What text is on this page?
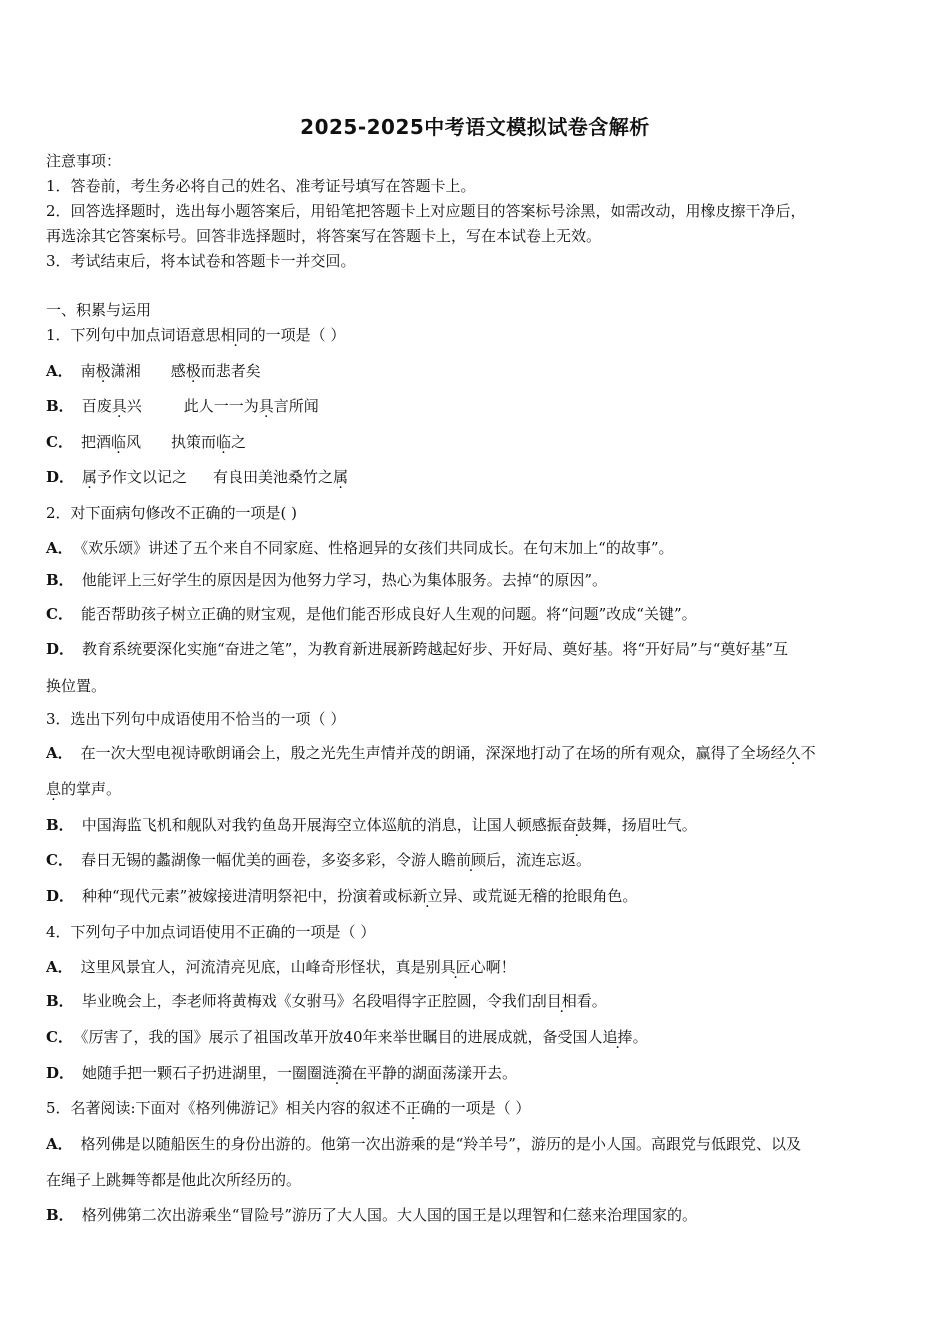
2025-2025中考语文模拟试卷含解析
注意事项：
1．答卷前，考生务必将自己的姓名、准考证号填写在答题卡上。
2．回答选择题时，选出每小题答案后，用铅笔把答题卡上对应题目的答案标号涂黑，如需改动，用橡皮擦干净后，
再选涂其它答案标号。回答非选择题时，将答案写在答题卡上，写在本试卷上无效。
3．考试结束后，将本试卷和答题卡一并交回。
一、积累与运用
1．下列句中加点词语意思相同的一项是（ ）
A． 南极潇湘 感极而悲者矣
B． 百废具兴	此人一一为具言所闻
C． 把酒临风 执策而临之
D． 属予作文以记之 有良田美池桑竹之属
2．对下面病句修改不正确的一项是( )
A． 《欢乐颂》讲述了五个来自不同家庭、性格迥异的女孩们共同成长。在句末加上“的故事”。
B． 他能评上三好学生的原因是因为他努力学习，热心为集体服务。去掉“的原因”。
C． 能否帮助孩子树立正确的财宝观，是他们能否形成良好人生观的问题。将“问题”改成“关键”。
D． 教育系统要深化实施“奋进之笔”，为教育新进展新跨越起好步、开好局、奠好基。将“开好局”与“奠好基”互
换位置。
3．选出下列句中成语使用不恰当的一项（ ）
A． 在一次大型电视诗歌朗诵会上，殷之光先生声情并茂的朗诵，深深地打动了在场的所有观众，赢得了全场经久不
息的掌声。
B． 中国海监飞机和舰队对我钓鱼岛开展海空立体巡航的消息，让国人顿感振奋鼓舞，扬眉吐气。
C． 春日无锡的蠡湖像一幅优美的画卷，多姿多彩，令游人瞻前顾后，流连忘返。
D． 种种“现代元素”被嫁接进清明祭祀中，扮演着或标新立异、或荒诞无稽的抢眼角色。
4．下列句子中加点词语使用不正确的一项是（ ）
A． 这里风景宜人，河流清亮见底，山峰奇形怪状，真是别具匠心啊！
B． 毕业晚会上，李老师将黄梅戏《女驸马》名段唱得字正腔圆，令我们刮目相看。
C． 《厉害了，我的国》展示了祖国改革开放40年来举世瞩目的进展成就，备受国人追捧。
D． 她随手把一颗石子扔进湖里，一圈圈涟漪在平静的湖面荡漾开去。
5．名著阅读:下面对《格列佛游记》相关内容的叙述不正确的一项是（ ）
A． 格列佛是以随船医生的身份出游的。他第一次出游乘的是“羚羊号”，游历的是小人国。高跟党与低跟党、以及
在绳子上跳舞等都是他此次所经历的。
B． 格列佛第二次出游乘坐“冒险号”游历了大人国。大人国的国王是以理智和仁慈来治理国家的。
